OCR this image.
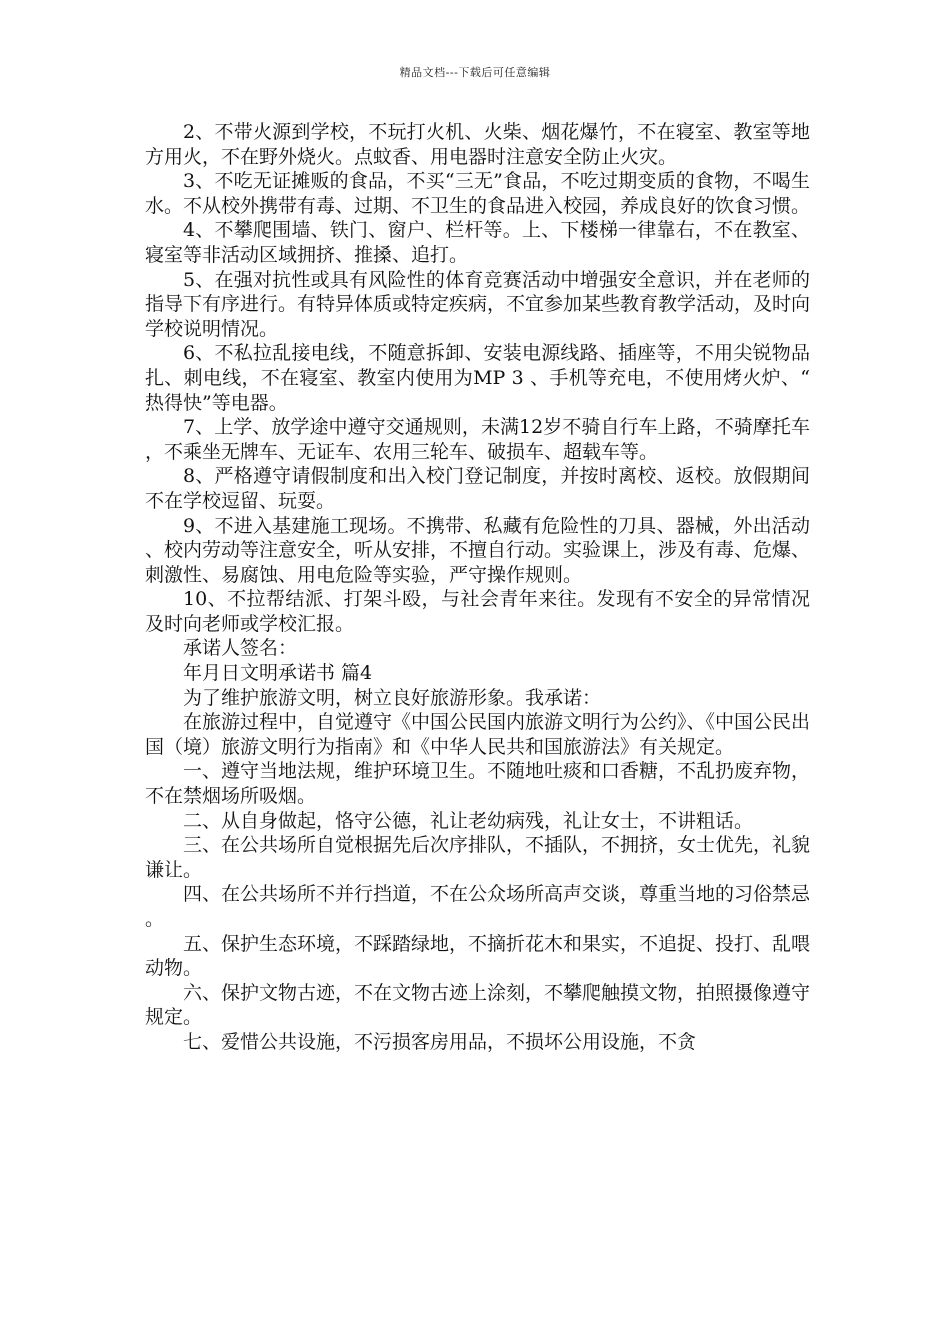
精品文档---下载后可任意编辑

2、不带火源到学校，不玩打火机、火柴、烟花爆竹，不在寝室、教室等地方用火，不在野外烧火。点蚊香、用电器时注意安全防止火灾。

3、不吃无证摊贩的食品，不买“三无”食品，不吃过期变质的食物，不喝生水。不从校外携带有毒、过期、不卫生的食品进入校园，养成良好的饮食习惯。

4、不攀爬围墙、铁门、窗户、栏杆等。上、下楼梯一律靠右，不在教室、寝室等非活动区域拥挤、推搡、追打。

5、在强对抗性或具有风险性的体育竞赛活动中增强安全意识，并在老师的指导下有序进行。有特异体质或特定疾病，不宜参加某些教育教学活动，及时向学校说明情况。

6、不私拉乱接电线，不随意拆卸、安装电源线路、插座等，不用尖锐物品扎、刺电线，不在寝室、教室内使用为MP 3 、手机等充电，不使用烤火炉、“热得快”等电器。

7、上学、放学途中遵守交通规则，未满12岁不骑自行车上路，不骑摩托车，不乘坐无牌车、无证车、农用三轮车、破损车、超载车等。

8、严格遵守请假制度和出入校门登记制度，并按时离校、返校。放假期间不在学校逗留、玩耍。

9、不进入基建施工现场。不携带、私藏有危险性的刀具、器械，外出活动、校内劳动等注意安全，听从安排，不擅自行动。实验课上，涉及有毒、危爆、刺激性、易腐蚀、用电危险等实验，严守操作规则。

10、不拉帮结派、打架斗殴，与社会青年来往。发现有不安全的异常情况及时向老师或学校汇报。

承诺人签名：

年月日文明承诺书 篇4

为了维护旅游文明，树立良好旅游形象。我承诺：

在旅游过程中，自觉遵守《中国公民国内旅游文明行为公约》、《中国公民出国（境）旅游文明行为指南》和《中华人民共和国旅游法》有关规定。

一、遵守当地法规，维护环境卫生。不随地吐痰和口香糖，不乱扔废弃物，不在禁烟场所吸烟。

二、从自身做起，恪守公德，礼让老幼病残，礼让女士，不讲粗话。

三、在公共场所自觉根据先后次序排队，不插队，不拥挤，女士优先，礼貌谦让。

四、在公共场所不并行挡道，不在公众场所高声交谈，尊重当地的习俗禁忌。

五、保护生态环境，不踩踏绿地，不摘折花木和果实，不追捉、投打、乱喂动物。

六、保护文物古迹，不在文物古迹上涂刻，不攀爬触摸文物，拍照摄像遵守规定。

七、爱惜公共设施，不污损客房用品，不损坏公用设施，不贪
